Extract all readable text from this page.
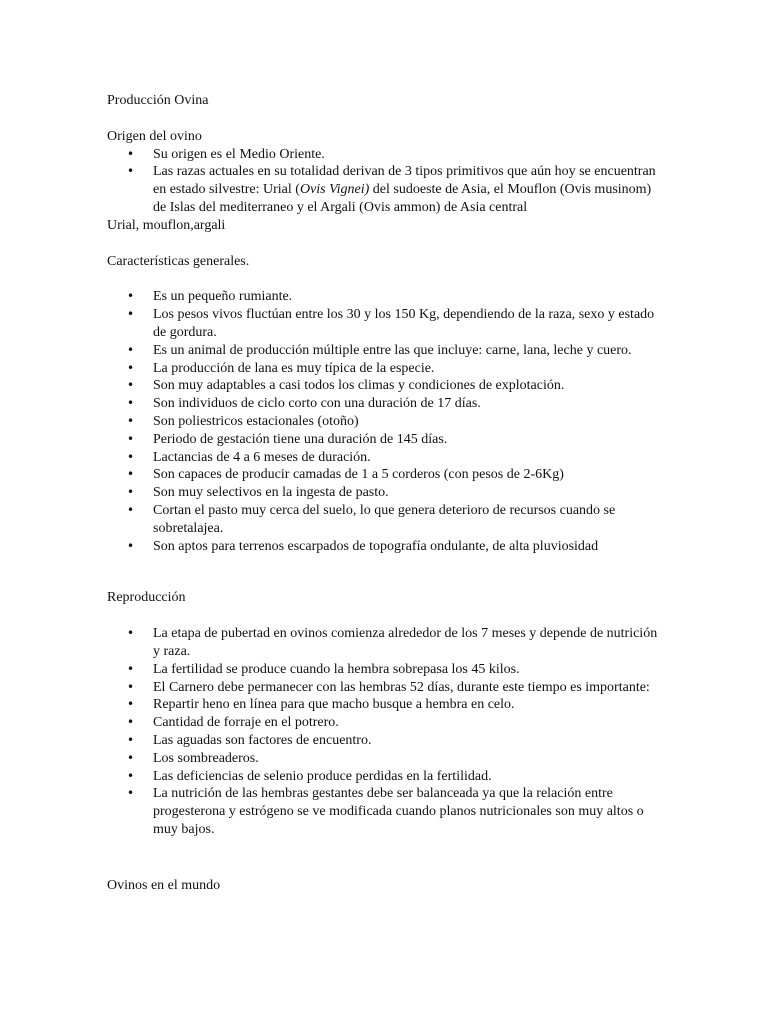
Producción Ovina
Origen del ovino
• Su origen es el Medio Oriente.
• Las razas actuales en su totalidad derivan de 3 tipos primitivos que aún hoy se encuentran en estado silvestre: Urial (Ovis Vignei) del sudoeste de Asia, el Mouflon (Ovis musinom) de Islas del mediterraneo y el Argali (Ovis ammon) de Asia central
Urial, mouflon,argali
Características generales.
• Es un pequeño rumiante.
• Los pesos vivos fluctúan entre los 30 y los 150 Kg, dependiendo de la raza, sexo y estado de gordura.
• Es un animal de producción múltiple entre las que incluye: carne, lana, leche y cuero.
• La producción de lana es muy típica de la especie.
• Son muy adaptables a casi todos los climas y condiciones de explotación.
• Son individuos de ciclo corto con una duración de 17 días.
• Son poliestricos estacionales (otoño)
• Periodo de gestación tiene una duración de 145 días.
• Lactancias de 4 a 6 meses de duración.
• Son capaces de producir camadas de 1 a 5 corderos (con pesos de 2-6Kg)
• Son muy selectivos en la ingesta de pasto.
• Cortan el pasto muy cerca del suelo, lo que genera deterioro de recursos cuando se sobretalajea.
• Son aptos para terrenos escarpados de topografía ondulante, de alta pluviosidad
Reproducción
• La etapa de pubertad en ovinos comienza alrededor de los 7 meses y depende de nutrición y raza.
• La fertilidad se produce cuando la hembra sobrepasa los 45 kilos.
• El Carnero debe permanecer con las hembras 52 días, durante este tiempo es importante:
• Repartir heno en línea para que macho busque a hembra en celo.
• Cantidad de forraje en el potrero.
• Las aguadas son factores de encuentro.
• Los sombreaderos.
• Las deficiencias de selenio produce perdidas en la fertilidad.
• La nutrición de las hembras gestantes debe ser balanceada ya que la relación entre progesterona y estrógeno se ve modificada cuando planos nutricionales son muy altos o muy bajos.
Ovinos en el mundo
